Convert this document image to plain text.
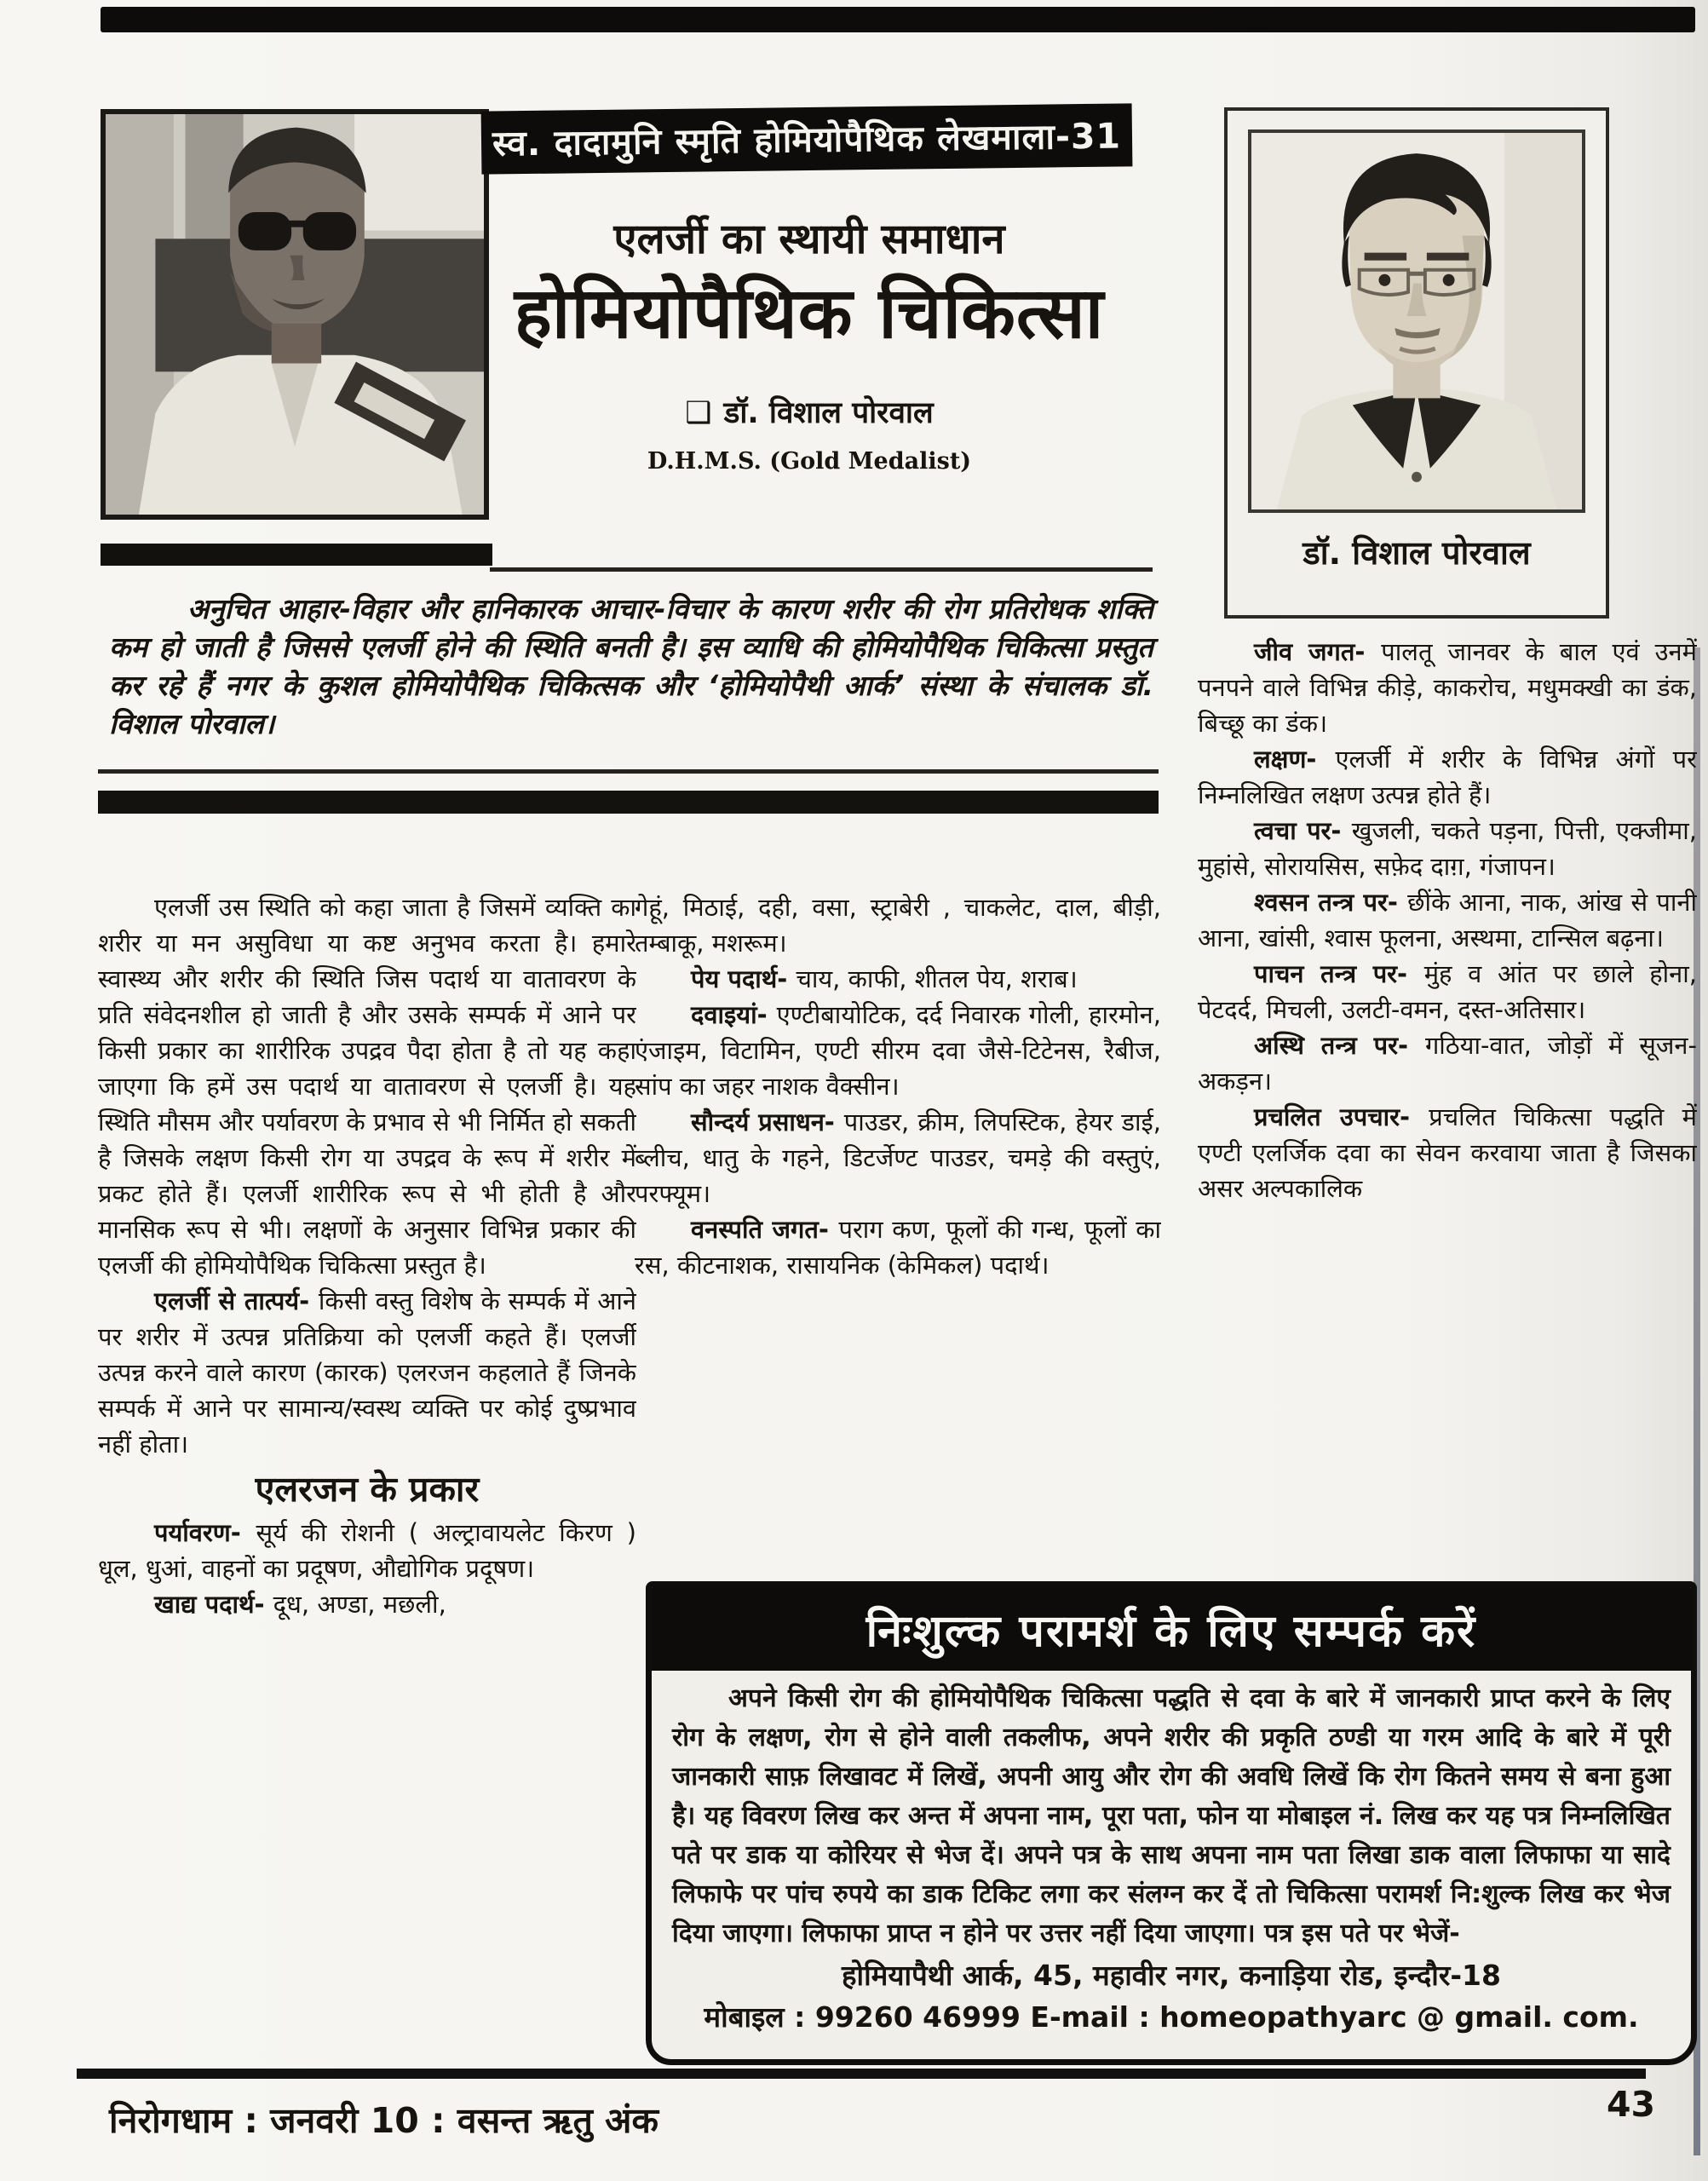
स्व. दादामुनि स्मृति होमियोपैथिक लेखमाला-31
एलर्जी का स्थायी समाधान
होमियोपैथिक चिकित्सा
❑ डॉ. विशाल पोरवाल
D.H.M.S. (Gold Medalist)
डॉ. विशाल पोरवाल
अनुचित आहार-विहार और हानिकारक आचार-विचार के कारण शरीर की रोग प्रतिरोधक शक्ति कम हो जाती है जिससे एलर्जी होने की स्थिति बनती है। इस व्याधि की होमियोपैथिक चिकित्सा प्रस्तुत कर रहे हैं नगर के कुशल होमियोपैथिक चिकित्सक और ‘होमियोपैथी आर्क’ संस्था के संचालक डॉ. विशाल पोरवाल।

एलर्जी उस स्थिति को कहा जाता है जिसमें व्यक्ति का शरीर या मन असुविधा या कष्ट अनुभव करता है। हमारे स्वास्थ्य और शरीर की स्थिति जिस पदार्थ या वातावरण के प्रति संवेदनशील हो जाती है और उसके सम्पर्क में आने पर किसी प्रकार का शारीरिक उपद्रव पैदा होता है तो यह कहा जाएगा कि हमें उस पदार्थ या वातावरण से एलर्जी है। यह स्थिति मौसम और पर्यावरण के प्रभाव से भी निर्मित हो सकती है जिसके लक्षण किसी रोग या उपद्रव के रूप में शरीर में प्रकट होते हैं। एलर्जी शारीरिक रूप से भी होती है और मानसिक रूप से भी। लक्षणों के अनुसार विभिन्न प्रकार की एलर्जी की होमियोपैथिक चिकित्सा प्रस्तुत है।

एलर्जी से तात्पर्य- किसी वस्तु विशेष के सम्पर्क में आने पर शरीर में उत्पन्न प्रतिक्रिया को एलर्जी कहते हैं। एलर्जी उत्पन्न करने वाले कारण (कारक) एलरजन कहलाते हैं जिनके सम्पर्क में आने पर सामान्य/स्वस्थ व्यक्ति पर कोई दुष्प्रभाव नहीं होता।

एलरजन के प्रकार

पर्यावरण- सूर्य की रोशनी ( अल्ट्रावायलेट किरण ) धूल, धुआं, वाहनों का प्रदूषण, औद्योगिक प्रदूषण।

खाद्य पदार्थ- दूध, अण्डा, मछली,

गेहूं, मिठाई, दही, वसा, स्ट्राबेरी , चाकलेट, दाल, बीड़ी, तम्बाकू, मशरूम।

पेय पदार्थ- चाय, काफी, शीतल पेय, शराब।

दवाइयां- एण्टीबायोटिक, दर्द निवारक गोली, हारमोन, एंजाइम, विटामिन, एण्टी सीरम दवा जैसे-टिटेनस, रैबीज, सांप का जहर नाशक वैक्सीन।

सौन्दर्य प्रसाधन- पाउडर, क्रीम, लिपस्टिक, हेयर डाई, ब्लीच, धातु के गहने, डिटर्जेण्ट पाउडर, चमड़े की वस्तुएं, परफ्यूम।

वनस्पति जगत- पराग कण, फूलों की गन्ध, फूलों का रस, कीटनाशक, रासायनिक (केमिकल) पदार्थ।

जीव जगत- पालतू जानवर के बाल एवं उनमें पनपने वाले विभिन्न कीड़े, काकरोच, मधुमक्खी का डंक, बिच्छू का डंक।

लक्षण- एलर्जी में शरीर के विभिन्न अंगों पर निम्नलिखित लक्षण उत्पन्न होते हैं।

त्वचा पर- खुजली, चकते पड़ना, पित्ती, एक्जीमा, मुहांसे, सोरायसिस, सफ़ेद दाग़, गंजापन।

श्वसन तन्त्र पर- छींके आना, नाक, आंख से पानी आना, खांसी, श्वास फूलना, अस्थमा, टान्सिल बढ़ना।

पाचन तन्त्र पर- मुंह व आंत पर छाले होना, पेटदर्द, मिचली, उलटी-वमन, दस्त-अतिसार।

अस्थि तन्त्र पर- गठिया-वात, जोड़ों में सूजन-अकड़न।

प्रचलित उपचार- प्रचलित चिकित्सा पद्धति में एण्टी एलर्जिक दवा का सेवन करवाया जाता है जिसका असर अल्पकालिक

निःशुल्क परामर्श के लिए सम्पर्क करें
अपने किसी रोग की होमियोपैथिक चिकित्सा पद्धति से दवा के बारे में जानकारी प्राप्त करने के लिए रोग के लक्षण, रोग से होने वाली तकलीफ, अपने शरीर की प्रकृति ठण्डी या गरम आदि के बारे में पूरी जानकारी साफ़ लिखावट में लिखें, अपनी आयु और रोग की अवधि लिखें कि रोग कितने समय से बना हुआ है। यह विवरण लिख कर अन्त में अपना नाम, पूरा पता, फोन या मोबाइल नं. लिख कर यह पत्र निम्नलिखित पते पर डाक या कोरियर से भेज दें। अपने पत्र के साथ अपना नाम पता लिखा डाक वाला लिफाफा या सादे लिफाफे पर पांच रुपये का डाक टिकिट लगा कर संलग्न कर दें तो चिकित्सा परामर्श नि:शुल्क लिख कर भेज दिया जाएगा। लिफाफा प्राप्त न होने पर उत्तर नहीं दिया जाएगा। पत्र इस पते पर भेजें-
होमियापैथी आर्क, 45, महावीर नगर, कनाड़िया रोड, इन्दौर-18
मोबाइल : 99260 46999 E-mail : homeopathyarc @ gmail. com.
निरोगधाम : जनवरी 10 : वसन्त ऋतु अंक	43
